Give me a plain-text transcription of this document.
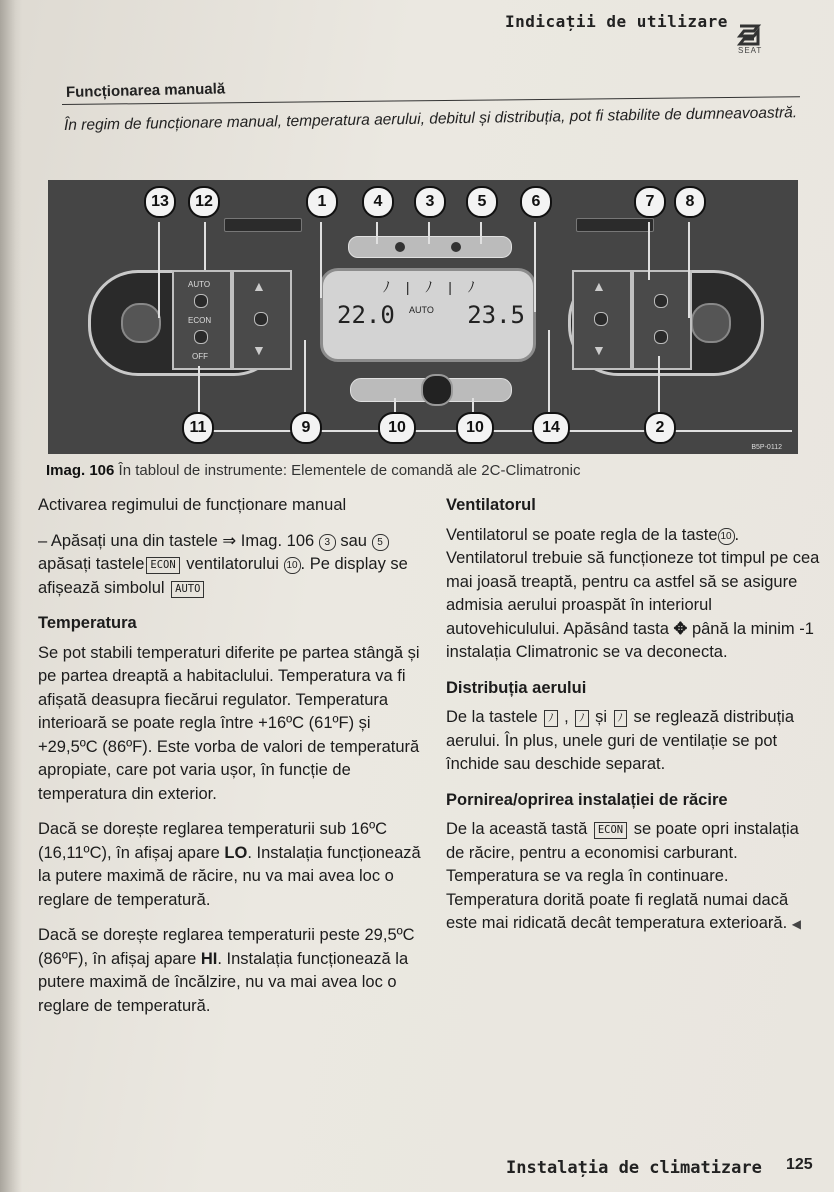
Indicații de utilizare
SEAT
Funcționarea manuală
În regim de funcționare manual, temperatura aerului, debitul și distribuția, pot fi stabilite de dumneavoastră.
AUTO
ECON
OFF
▲
▼
ﾉ | ﾉ | ﾉ
22.0 AUTO 23.5
▲
▼
13	12	1	4	3	5	6	7	8
11	9	10	10	14	2
B5P-0112
Imag. 106 În tabloul de instrumente: Elementele de comandă ale 2C-Climatronic

Activarea regimului de funcționare manual

– Apăsați una din tastele ⇒ Imag. 106 3 sau 5 apăsați tastele ECON ventilatorului 10 . Pe display se afișează simbolul AUTO

Temperatura

Se pot stabili temperaturi diferite pe partea stângă și pe partea dreaptă a habitaclului. Temperatura va fi afișată deasupra fiecărui regulator. Temperatura interioară se poate regla între +16ºC (61ºF) și +29,5ºC (86ºF). Este vorba de valori de temperatură apropiate, care pot varia ușor, în funcție de temperatura din exterior.

Dacă se dorește reglarea temperaturii sub 16ºC (16,11ºC), în afișaj apare LO. Instalația funcționează la putere maximă de răcire, nu va mai avea loc o reglare de temperatură.

Dacă se dorește reglarea temperaturii peste 29,5ºC (86ºF), în afișaj apare HI. Instalația funcționează la putere maximă de încălzire, nu va mai avea loc o reglare de temperatură.

Ventilatorul

Ventilatorul se poate regla de la taste 10 . Ventilatorul trebuie să funcționeze tot timpul pe cea mai joasă treaptă, pentru ca astfel să se asigure admisia aerului proaspăt în interiorul autovehiculului. Apăsând tasta ✥ până la minim -1 instalația Climatronic se va deconecta.

Distribuția aerului

De la tastele ﾉ , ﾉ și ﾉ se reglează distribuția aerului. În plus, unele guri de ventilație se pot închide sau deschide separat.

Pornirea/oprirea instalației de răcire

De la această tastă ECON se poate opri instalația de răcire, pentru a economisi carburant. Temperatura se va regla în continuare. Temperatura dorită poate fi reglată numai dacă este mai ridicată decât temperatura exterioară. ◀

Instalația de climatizare 125
